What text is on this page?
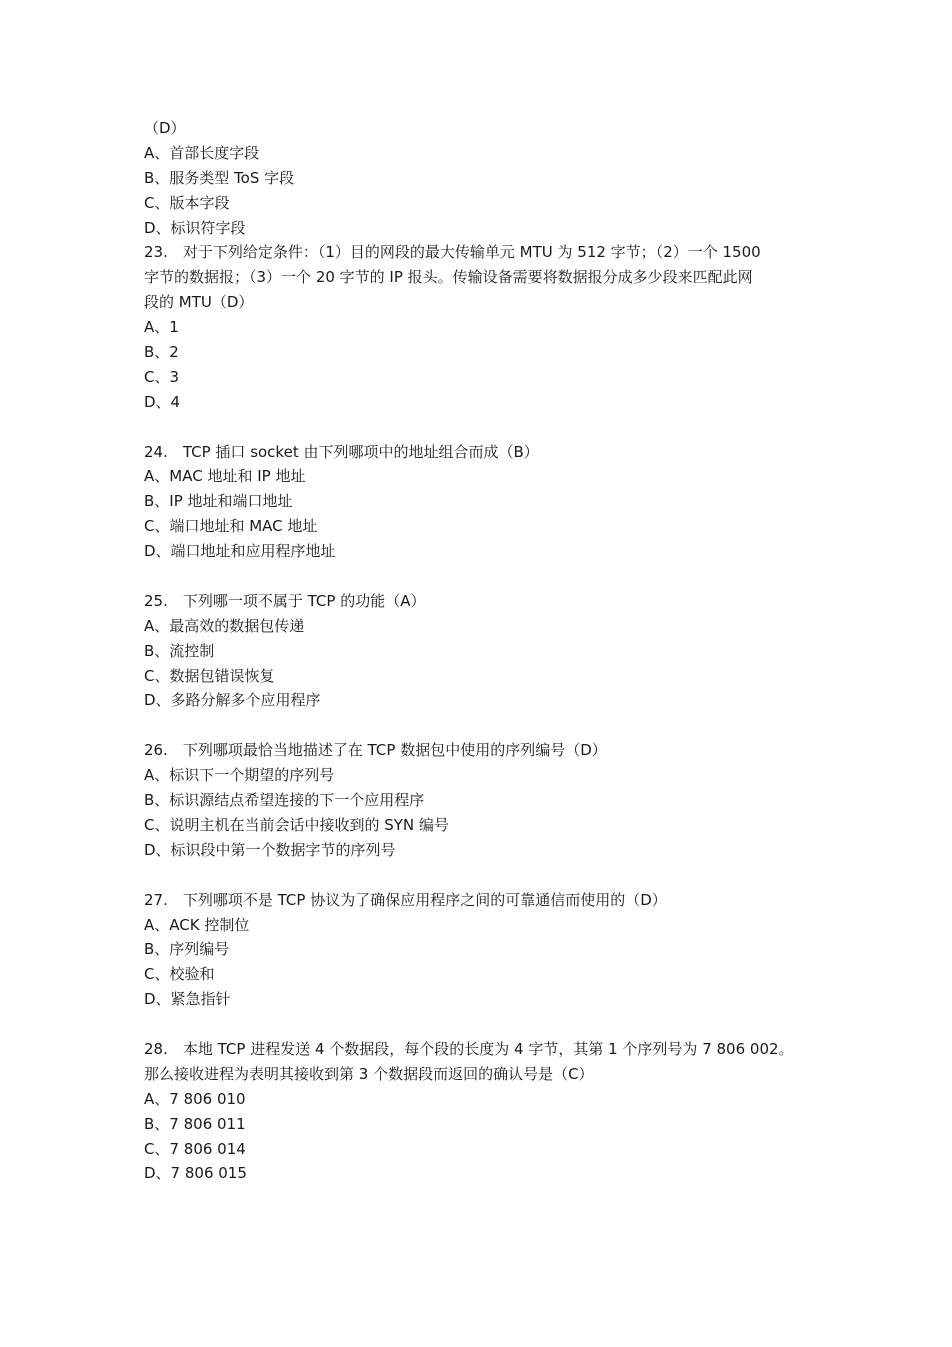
（D）
A、首部长度字段
B、服务类型 ToS 字段
C、版本字段
D、标识符字段
23.　对于下列给定条件：（1）目的网段的最大传输单元 MTU 为 512 字节；（2）一个 1500
字节的数据报；（3）一个 20 字节的 IP 报头。传输设备需要将数据报分成多少段来匹配此网
段的 MTU（D）
A、1
B、2
C、3
D、4
24.　TCP 插口 socket 由下列哪项中的地址组合而成（B）
A、MAC 地址和 IP 地址
B、IP 地址和端口地址
C、端口地址和 MAC 地址
D、端口地址和应用程序地址
25.　下列哪一项不属于 TCP 的功能（A）
A、最高效的数据包传递
B、流控制
C、数据包错误恢复
D、多路分解多个应用程序
26.　下列哪项最恰当地描述了在 TCP 数据包中使用的序列编号（D）
A、标识下一个期望的序列号
B、标识源结点希望连接的下一个应用程序
C、说明主机在当前会话中接收到的 SYN 编号
D、标识段中第一个数据字节的序列号
27.　下列哪项不是 TCP 协议为了确保应用程序之间的可靠通信而使用的（D）
A、ACK 控制位
B、序列编号
C、校验和
D、紧急指针
28.　本地 TCP 进程发送 4 个数据段，每个段的长度为 4 字节，其第 1 个序列号为 7 806 002。
那么接收进程为表明其接收到第 3 个数据段而返回的确认号是（C）
A、7 806 010
B、7 806 011
C、7 806 014
D、7 806 015
